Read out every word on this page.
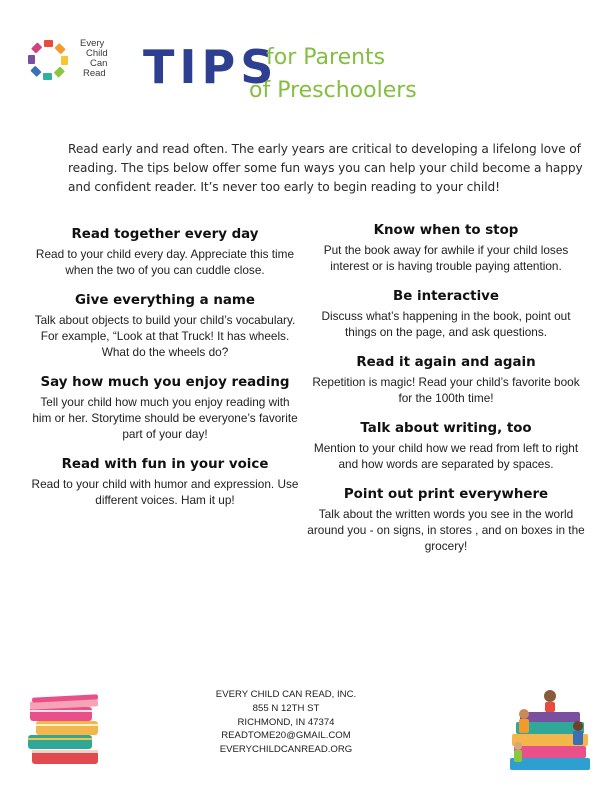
Every
Child
Can
Read TIPS
for Parents
of Preschoolers
Read early and read often. The early years are critical to developing a lifelong love of reading. The tips below offer some fun ways you can help your child become a happy and confident reader. It’s never too early to begin reading to your child!
Read together every day

Read to your child every day. Appreciate this time when the two of you can cuddle close.

Give everything a name

Talk about objects to build your child’s vocabulary. For example, “Look at that Truck! It has wheels. What do the wheels do?

Say how much you enjoy reading

Tell your child how much you enjoy reading with him or her. Storytime should be everyone’s favorite part of your day!

Read with fun in your voice

Read to your child with humor and expression. Use different voices. Ham it up!

Know when to stop

Put the book away for awhile if your child loses interest or is having trouble paying attention.

Be interactive

Discuss what’s happening in the book, point out things on the page, and ask questions.

Read it again and again

Repetition is magic! Read your child’s favorite book for the 100th time!

Talk about writing, too

Mention to your child how we read from left to right and how words are separated by spaces.

Point out print everywhere

Talk about the written words you see in the world around you - on signs, in stores , and on boxes in the grocery!

EVERY CHILD CAN READ, INC.
855 N 12TH ST
RICHMOND, IN 47374
READTOME20@GMAIL.COM
EVERYCHILDCANREAD.ORG
